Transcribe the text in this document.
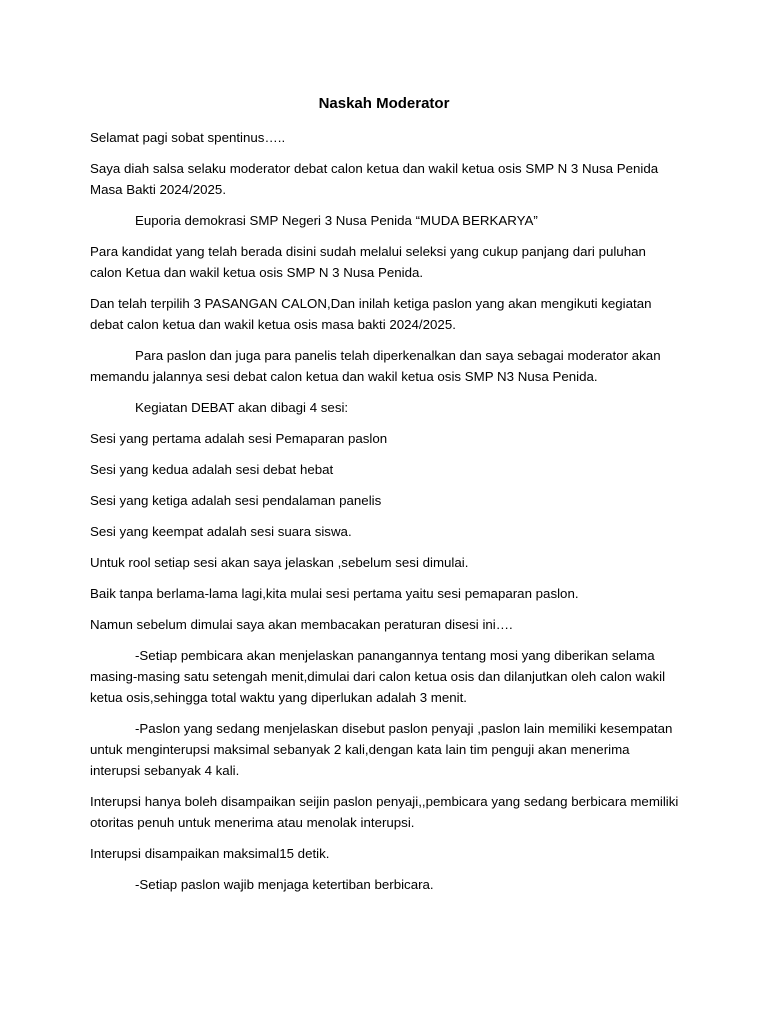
Naskah Moderator

Selamat pagi sobat spentinus…..

Saya diah salsa selaku moderator debat calon ketua dan wakil ketua osis SMP N 3 Nusa Penida Masa Bakti 2024/2025.

Euporia demokrasi SMP Negeri 3 Nusa Penida “MUDA BERKARYA”

Para kandidat yang telah berada disini sudah melalui seleksi yang cukup panjang dari puluhan calon Ketua dan wakil ketua osis SMP N 3 Nusa Penida.

Dan telah terpilih 3 PASANGAN CALON,Dan inilah ketiga paslon yang akan mengikuti kegiatan debat calon ketua dan wakil ketua osis masa bakti 2024/2025.

Para paslon dan juga para panelis telah diperkenalkan dan saya sebagai moderator akan memandu jalannya sesi debat calon ketua dan wakil ketua osis SMP N3 Nusa Penida.

Kegiatan DEBAT akan dibagi 4 sesi:

Sesi yang pertama adalah sesi Pemaparan paslon

Sesi yang kedua adalah sesi debat hebat

Sesi yang ketiga adalah sesi pendalaman panelis

Sesi yang keempat adalah sesi suara siswa.

Untuk rool setiap sesi akan saya jelaskan ,sebelum sesi dimulai.

Baik tanpa berlama-lama lagi,kita mulai sesi pertama yaitu sesi pemaparan paslon.

Namun sebelum dimulai saya akan membacakan peraturan disesi ini….

-Setiap pembicara akan menjelaskan panangannya tentang mosi yang diberikan selama masing-masing satu setengah menit,dimulai dari calon ketua osis dan dilanjutkan oleh calon wakil ketua osis,sehingga total waktu yang diperlukan adalah 3 menit.

-Paslon yang sedang menjelaskan disebut paslon penyaji ,paslon lain memiliki kesempatan untuk menginterupsi maksimal sebanyak 2 kali,dengan kata lain tim penguji akan menerima interupsi sebanyak 4 kali.

Interupsi hanya boleh disampaikan seijin paslon penyaji,,pembicara yang sedang berbicara memiliki otoritas penuh untuk menerima atau menolak interupsi.

Interupsi disampaikan maksimal15 detik.

-Setiap paslon wajib menjaga ketertiban berbicara.
